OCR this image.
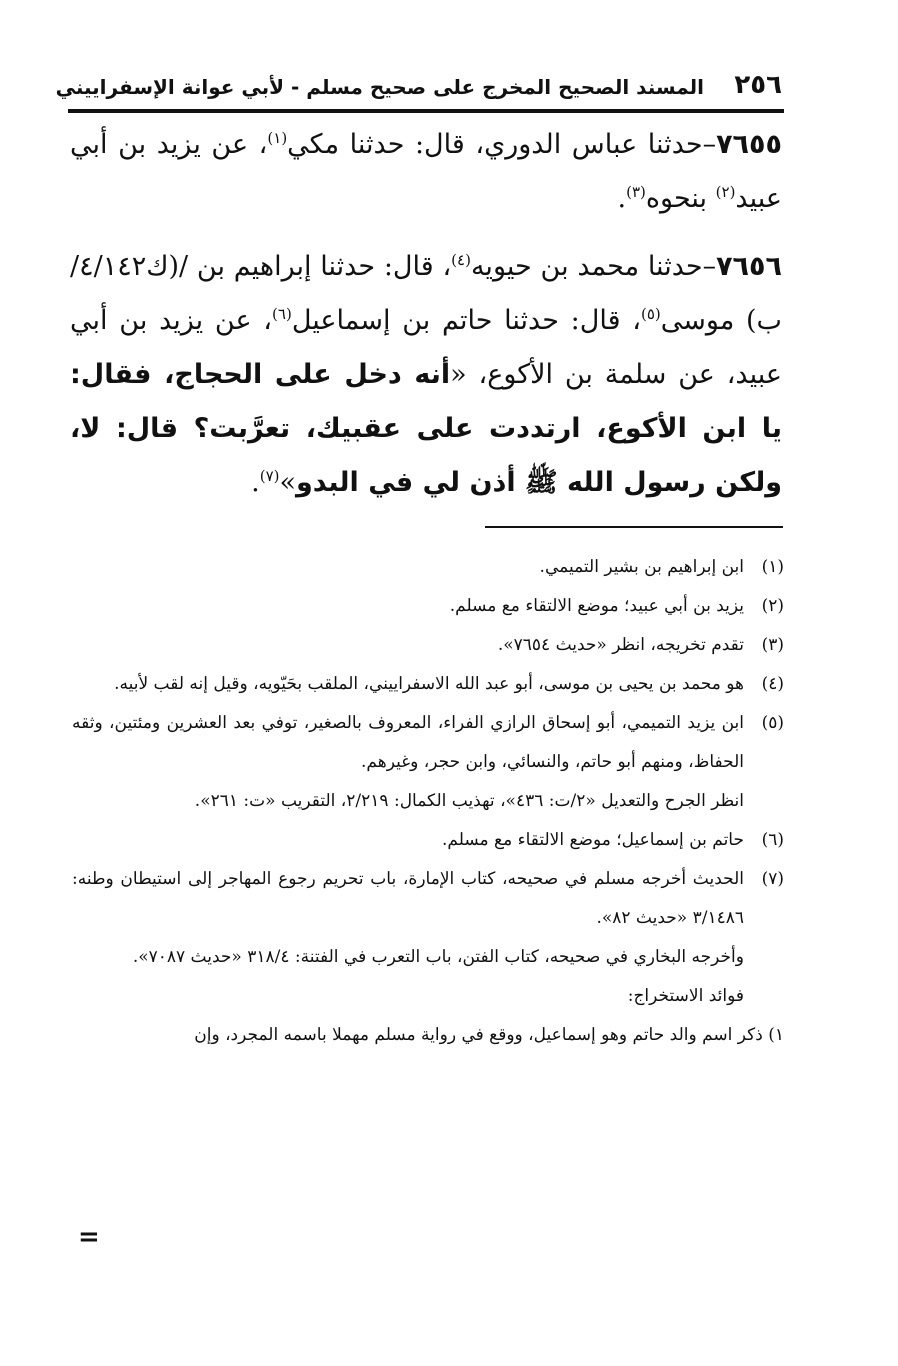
٢٥٦
المسند الصحيح المخرج على صحيح مسلم - لأبي عوانة الإسفراييني

٧٦٥٥–حدثنا عباس الدوري، قال: حدثنا مكي$^{(١)}$، عن يزيد بن أبي عبيد$^{(٢)}$ بنحوه$^{(٣)}$.

٧٦٥٦–حدثنا محمد بن حيويه$^{(٤)}$، قال: حدثنا إبراهيم بن /(ك٤/١٤٢/ب) موسى$^{(٥)}$، قال: حدثنا حاتم بن إسماعيل$^{(٦)}$، عن يزيد بن أبي عبيد، عن سلمة بن الأكوع، «أنه دخل على الحجاج، فقال: يا ابن الأكوع، ارتددت على عقبيك، تعرَّبت؟ قال: لا، ولكن رسول الله ﷺ أذن لي في البدو»$^{(٧)}$.

(١)
ابن إبراهيم بن بشير التميمي.
(٢)
يزيد بن أبي عبيد؛ موضع الالتقاء مع مسلم.
(٣)
تقدم تخريجه، انظر «حديث ٧٦٥٤».
(٤)
هو محمد بن يحيى بن موسى، أبو عبد الله الاسفراييني، الملقب بحَيّويه، وقيل إنه لقب لأبيه.
(٥)
ابن يزيد التميمي، أبو إسحاق الرازي الفراء، المعروف بالصغير، توفي بعد العشرين ومئتين، وثقه الحفاظ، ومنهم أبو حاتم، والنسائي، وابن حجر، وغيرهم.
انظر الجرح والتعديل «٢/ت: ٤٣٦»، تهذيب الكمال: ٢/٢١٩، التقريب «ت: ٢٦١».
(٦)
حاتم بن إسماعيل؛ موضع الالتقاء مع مسلم.
(٧)
الحديث أخرجه مسلم في صحيحه، كتاب الإمارة، باب تحريم رجوع المهاجر إلى استيطان وطنه: ٣/١٤٨٦ «حديث ٨٢».
وأخرجه البخاري في صحيحه، كتاب الفتن، باب التعرب في الفتنة: ٣١٨/٤ «حديث ٧٠٨٧».
فوائد الاستخراج:
١) ذكر اسم والد حاتم وهو إسماعيل، ووقع في رواية مسلم مهملا باسمه المجرد، وإن
=
